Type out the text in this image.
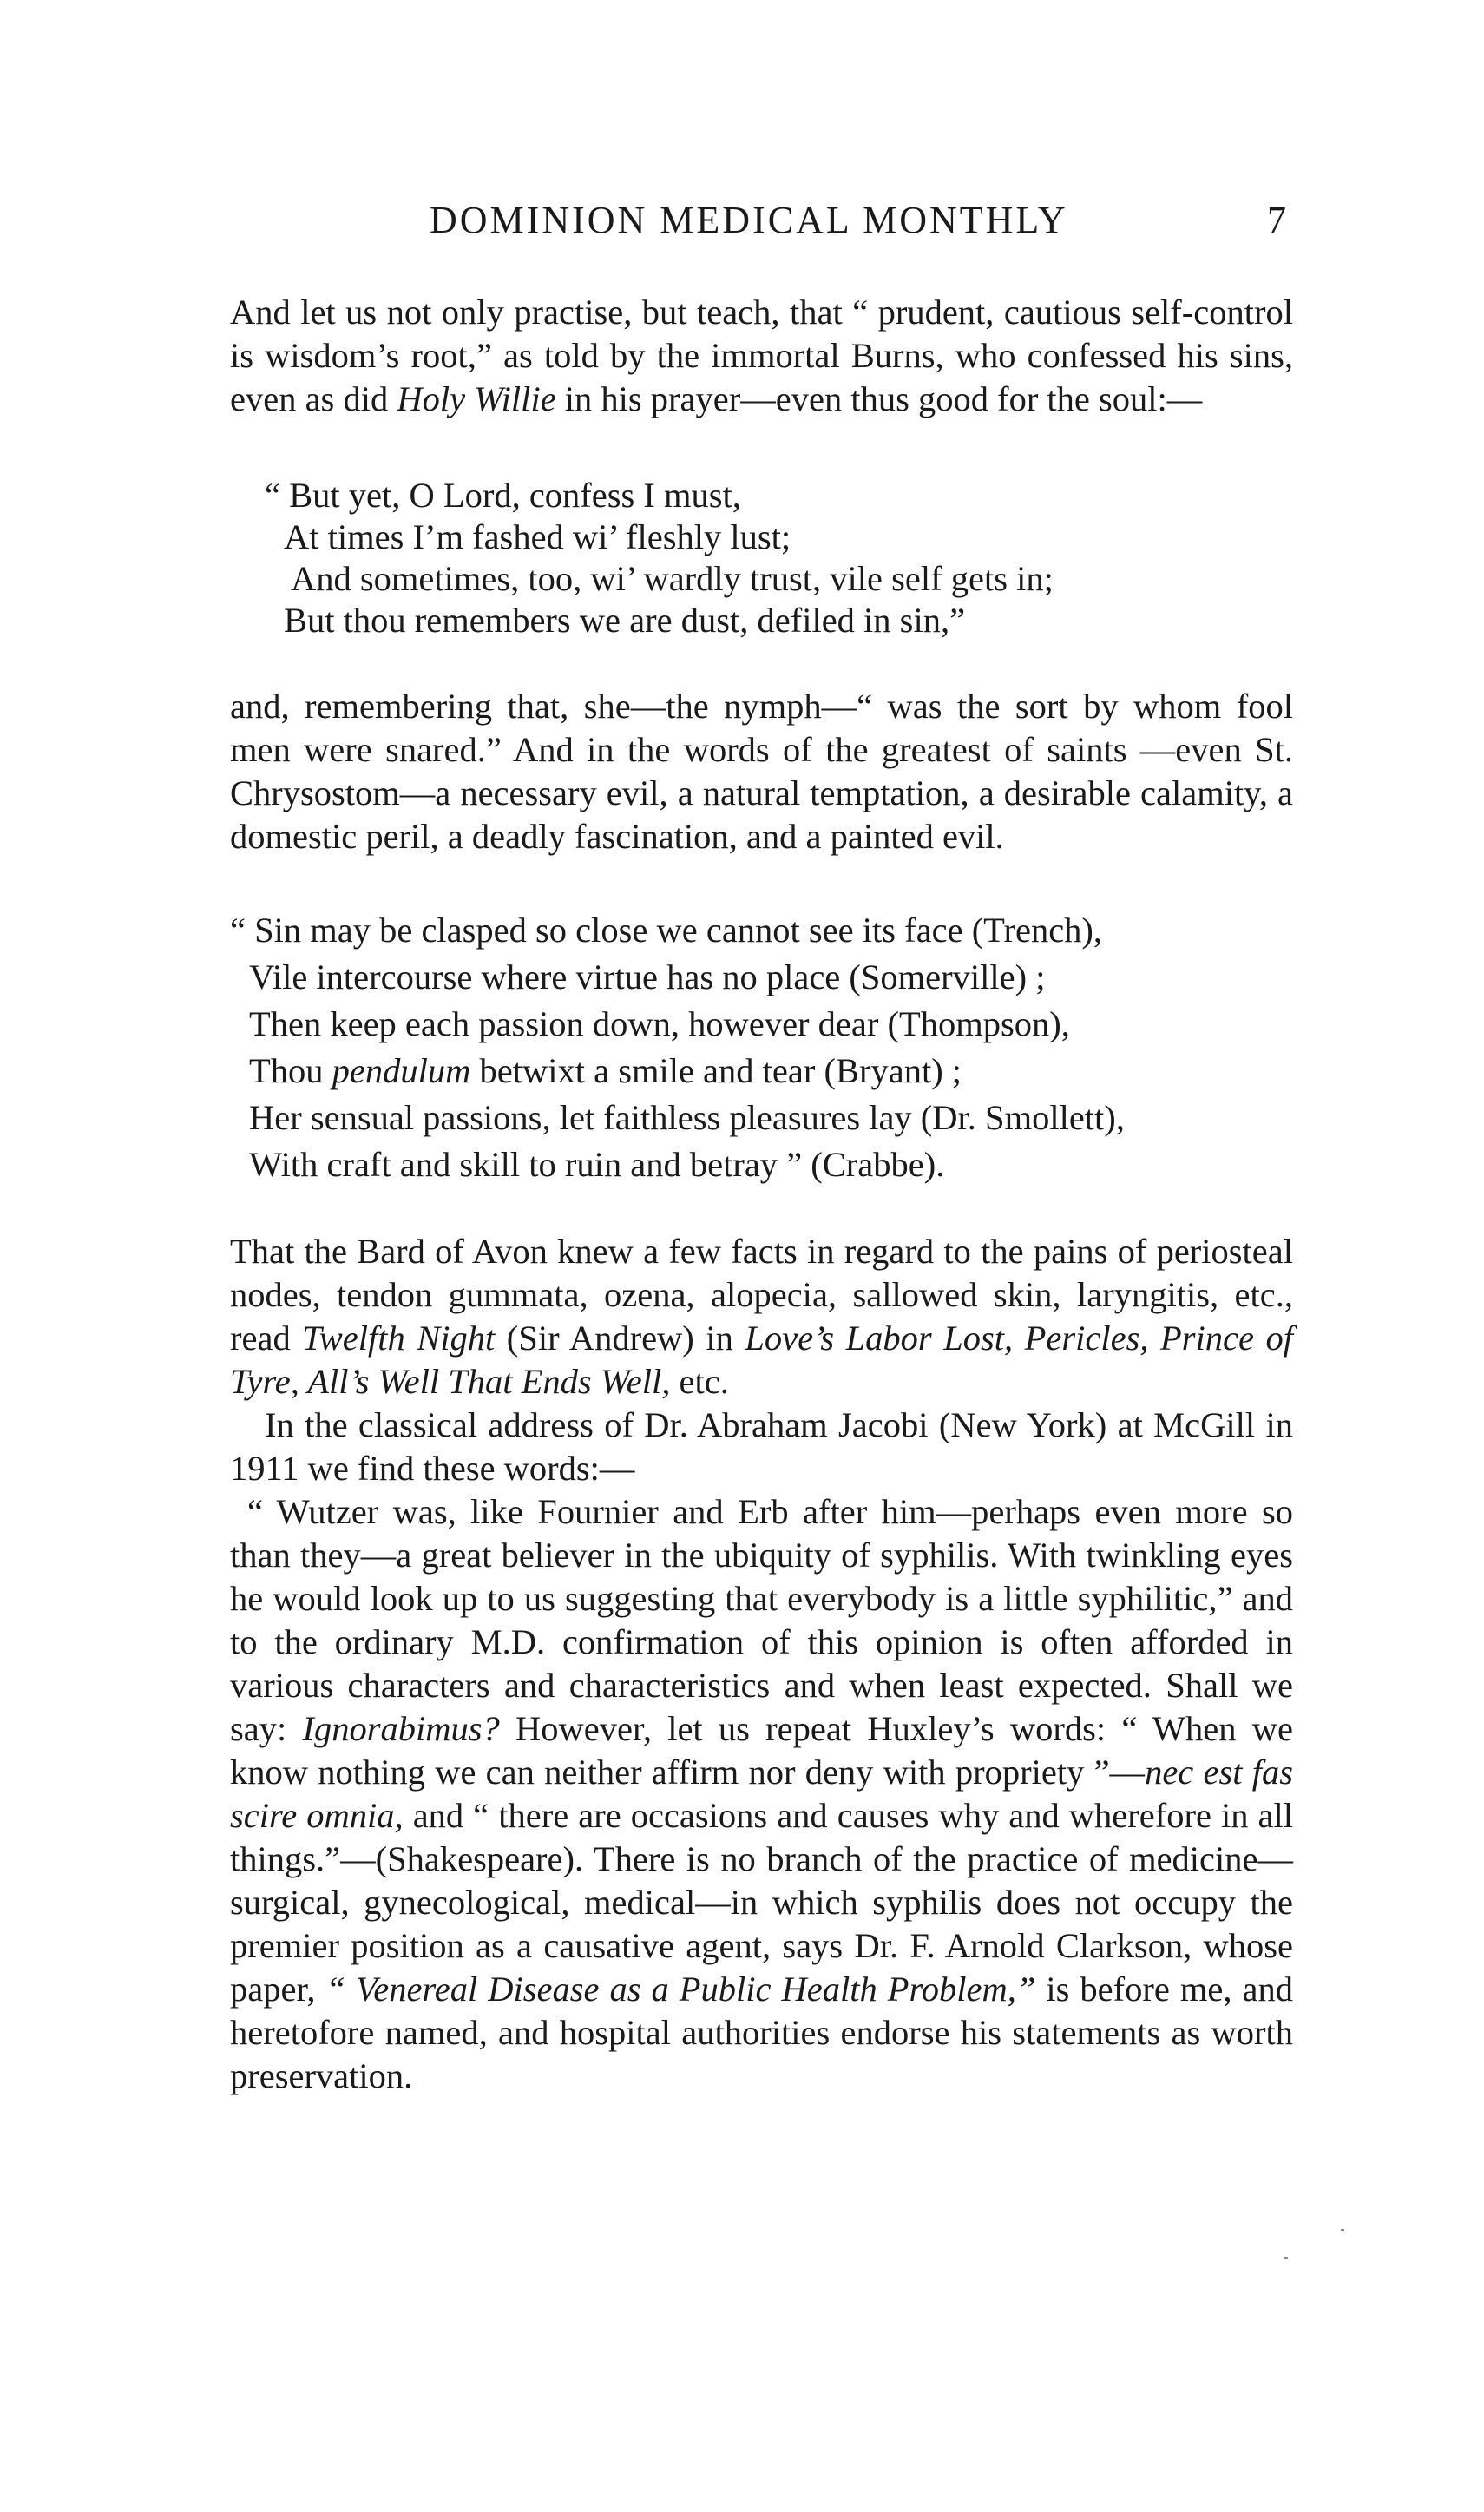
DOMINION MEDICAL MONTHLY	7

And let us not only practise, but teach, that “ prudent, cautious self-control is wisdom’s root,” as told by the immortal Burns, who confessed his sins, even as did Holy Willie in his prayer—even thus good for the soul:—

“ But yet, O Lord, confess I must,
At times I’m fashed wi’ fleshly lust;
And sometimes, too, wi’ wardly trust, vile self gets in;
But thou remembers we are dust, defiled in sin,”

and, remembering that, she—the nymph—“ was the sort by whom fool men were snared.” And in the words of the greatest of saints —even St. Chrysostom—a necessary evil, a natural temptation, a desirable calamity, a domestic peril, a deadly fascination, and a painted evil.

“ Sin may be clasped so close we cannot see its face (Trench),
Vile intercourse where virtue has no place (Somerville) ;
Then keep each passion down, however dear (Thompson),
Thou pendulum betwixt a smile and tear (Bryant) ;
Her sensual passions, let faithless pleasures lay (Dr. Smollett),
With craft and skill to ruin and betray ” (Crabbe).

That the Bard of Avon knew a few facts in regard to the pains of periosteal nodes, tendon gummata, ozena, alopecia, sallowed skin, laryngitis, etc., read Twelfth Night (Sir Andrew) in Love’s Labor Lost, Pericles, Prince of Tyre, All’s Well That Ends Well, etc.

In the classical address of Dr. Abraham Jacobi (New York) at McGill in 1911 we find these words:—

“ Wutzer was, like Fournier and Erb after him—perhaps even more so than they—a great believer in the ubiquity of syphilis. With twinkling eyes he would look up to us suggesting that everybody is a little syphilitic,” and to the ordinary M.D. confirmation of this opinion is often afforded in various characters and characteristics and when least expected. Shall we say: Ignorabimus? However, let us repeat Huxley’s words: “ When we know nothing we can neither affirm nor deny with propriety ”—nec est fas scire omnia, and “ there are occasions and causes why and wherefore in all things.”—(Shakespeare). There is no branch of the practice of medicine—surgical, gynecological, medical—in which syphilis does not occupy the premier position as a causative agent, says Dr. F. Arnold Clarkson, whose paper, “ Venereal Disease as a Public Health Problem,” is before me, and heretofore named, and hospital authorities endorse his statements as worth preservation.
